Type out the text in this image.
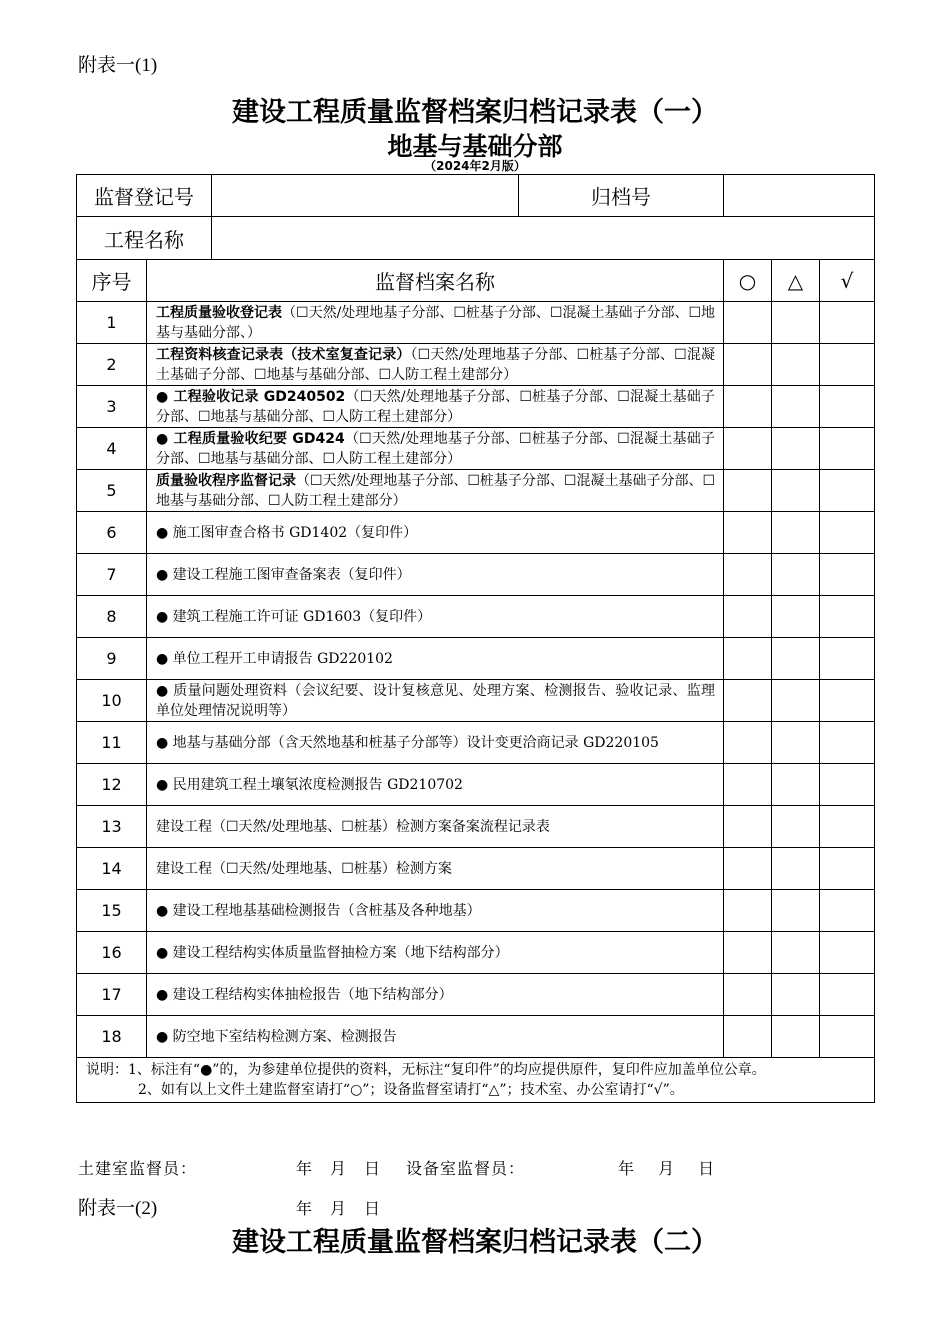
附表一(1)
建设工程质量监督档案归档记录表（一）
地基与基础分部
（2024年2月版）
监督登记号			归档号			
工程名称						
序号	监督档案名称			○	△	√
1	工程质量验收登记表（☐天然/处理地基子分部、☐桩基子分部、☐混凝土基础子分部、☐地基与基础分部、）					
2	工程资料核查记录表（技术室复查记录）（☐天然/处理地基子分部、☐桩基子分部、☐混凝土基础子分部、☐地基与基础分部、☐人防工程土建部分）					
3	● 工程验收记录 GD240502（☐天然/处理地基子分部、☐桩基子分部、☐混凝土基础子分部、☐地基与基础分部、☐人防工程土建部分）					
4	● 工程质量验收纪要 GD424（☐天然/处理地基子分部、☐桩基子分部、☐混凝土基础子分部、☐地基与基础分部、☐人防工程土建部分）					
5	质量验收程序监督记录（☐天然/处理地基子分部、☐桩基子分部、☐混凝土基础子分部、☐地基与基础分部、☐人防工程土建部分）					
6	● 施工图审查合格书 GD1402（复印件）					
7	● 建设工程施工图审查备案表（复印件）					
8	● 建筑工程施工许可证 GD1603（复印件）					
9	● 单位工程开工申请报告 GD220102					
10	● 质量问题处理资料（会议纪要、设计复核意见、处理方案、检测报告、验收记录、监理单位处理情况说明等）					
11	● 地基与基础分部（含天然地基和桩基子分部等）设计变更洽商记录 GD220105					
12	● 民用建筑工程土壤氡浓度检测报告 GD210702					
13	建设工程（☐天然/处理地基、☐桩基）检测方案备案流程记录表					
14	建设工程（☐天然/处理地基、☐桩基）检测方案					
15	● 建设工程地基基础检测报告（含桩基及各种地基）					
16	● 建设工程结构实体质量监督抽检方案（地下结构部分）					
17	● 建设工程结构实体抽检报告（地下结构部分）					
18	● 防空地下室结构检测方案、检测报告					

说明：1、标注有“●”的，为参建单位提供的资料，无标注“复印件”的均应提供原件，复印件应加盖单位公章。
2、如有以上文件土建监督室请打“○”；设备监督室请打“△”；技术室、办公室请打“√”。						
土建室监督员：	年　月　日 设备室监督员：	年　 月　 日
附表一(2)	年　月　日
建设工程质量监督档案归档记录表（二）
